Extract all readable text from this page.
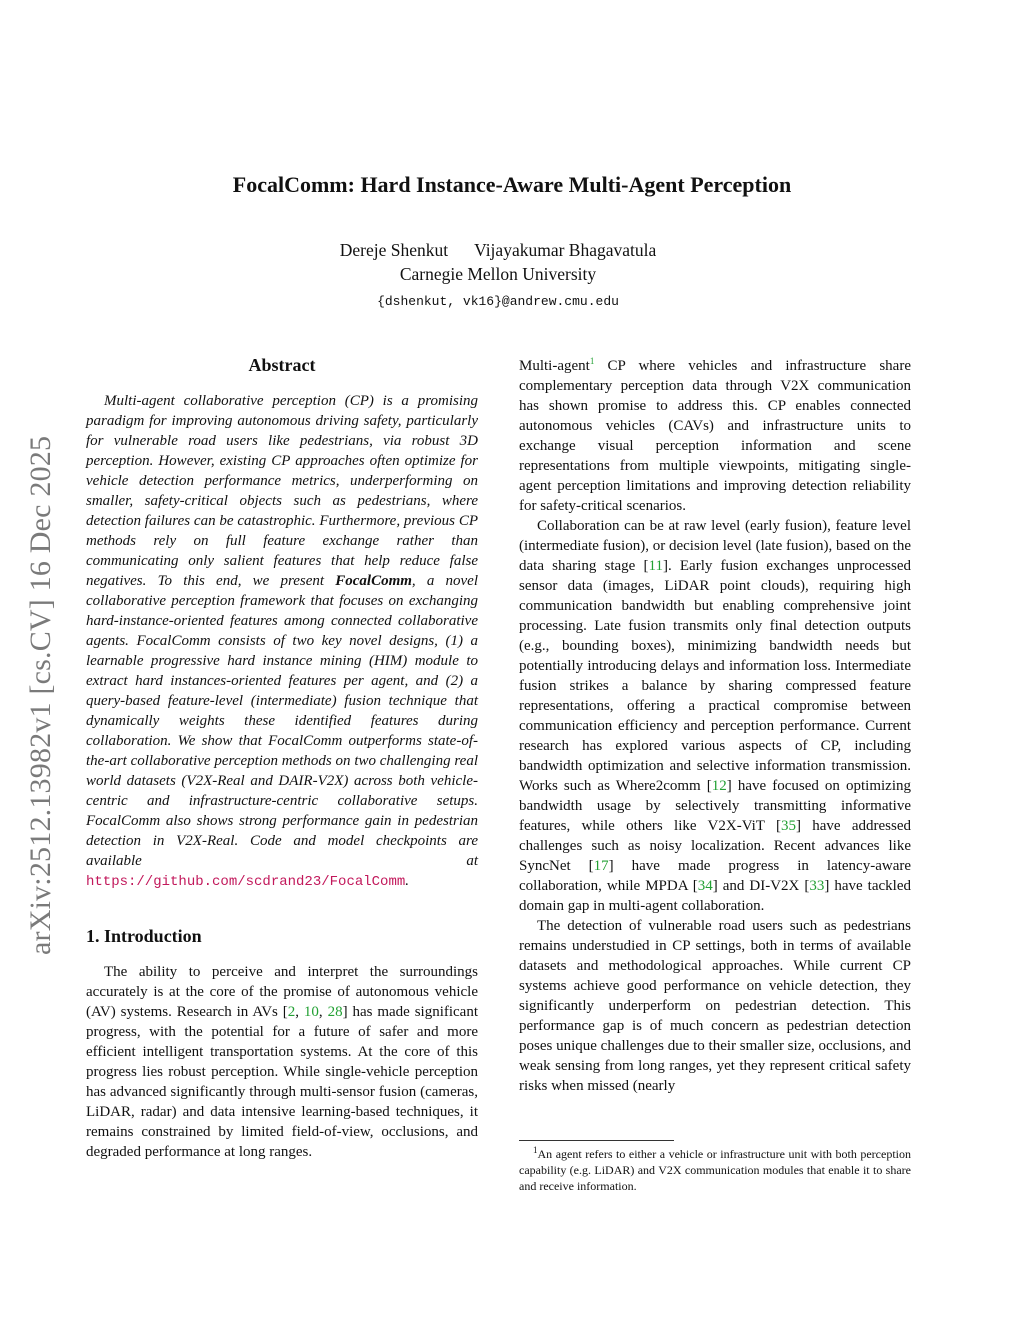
arXiv:2512.13982v1 [cs.CV] 16 Dec 2025
FocalComm: Hard Instance-Aware Multi-Agent Perception
Dereje Shenkut Vijayakumar Bhagavatula
Carnegie Mellon University
{dshenkut, vk16}@andrew.cmu.edu
Abstract

Multi-agent collaborative perception (CP) is a promising paradigm for improving autonomous driving safety, particularly for vulnerable road users like pedestrians, via robust 3D perception. However, existing CP approaches often optimize for vehicle detection performance metrics, underperforming on smaller, safety-critical objects such as pedestrians, where detection failures can be catastrophic. Furthermore, previous CP methods rely on full feature exchange rather than communicating only salient features that help reduce false negatives. To this end, we present FocalComm, a novel collaborative perception framework that focuses on exchanging hard-instance-oriented features among connected collaborative agents. FocalComm consists of two key novel designs, (1) a learnable progressive hard instance mining (HIM) module to extract hard instances-oriented features per agent, and (2) a query-based feature-level (intermediate) fusion technique that dynamically weights these identified features during collaboration. We show that FocalComm outperforms state-of-the-art collaborative perception methods on two challenging real world datasets (V2X-Real and DAIR-V2X) across both vehicle-centric and infrastructure-centric collaborative setups. FocalComm also shows strong performance gain in pedestrian detection in V2X-Real. Code and model checkpoints are available at https://github.com/scdrand23/FocalComm.

1. Introduction

The ability to perceive and interpret the surroundings accurately is at the core of the promise of autonomous vehicle (AV) systems. Research in AVs [2, 10, 28] has made significant progress, with the potential for a future of safer and more efficient intelligent transportation systems. At the core of this progress lies robust perception. While single-vehicle perception has advanced significantly through multi-sensor fusion (cameras, LiDAR, radar) and data intensive learning-based techniques, it remains constrained by limited field-of-view, occlusions, and degraded performance at long ranges.

Multi-agent$^1$ CP where vehicles and infrastructure share complementary perception data through V2X communication has shown promise to address this. CP enables connected autonomous vehicles (CAVs) and infrastructure units to exchange visual perception information and scene representations from multiple viewpoints, mitigating single-agent perception limitations and improving detection reliability for safety-critical scenarios.

Collaboration can be at raw level (early fusion), feature level (intermediate fusion), or decision level (late fusion), based on the data sharing stage [11]. Early fusion exchanges unprocessed sensor data (images, LiDAR point clouds), requiring high communication bandwidth but enabling comprehensive joint processing. Late fusion transmits only final detection outputs (e.g., bounding boxes), minimizing bandwidth needs but potentially introducing delays and information loss. Intermediate fusion strikes a balance by sharing compressed feature representations, offering a practical compromise between communication efficiency and perception performance. Current research has explored various aspects of CP, including bandwidth optimization and selective information transmission. Works such as Where2comm [12] have focused on optimizing bandwidth usage by selectively transmitting informative features, while others like V2X-ViT [35] have addressed challenges such as noisy localization. Recent advances like SyncNet [17] have made progress in latency-aware collaboration, while MPDA [34] and DI-V2X [33] have tackled domain gap in multi-agent collaboration.

The detection of vulnerable road users such as pedestrians remains understudied in CP settings, both in terms of available datasets and methodological approaches. While current CP systems achieve good performance on vehicle detection, they significantly underperform on pedestrian detection. This performance gap is of much concern as pedestrian detection poses unique challenges due to their smaller size, occlusions, and weak sensing from long ranges, yet they represent critical safety risks when missed (nearly

$^1$An agent refers to either a vehicle or infrastructure unit with both perception capability (e.g. LiDAR) and V2X communication modules that enable it to share and receive information.
